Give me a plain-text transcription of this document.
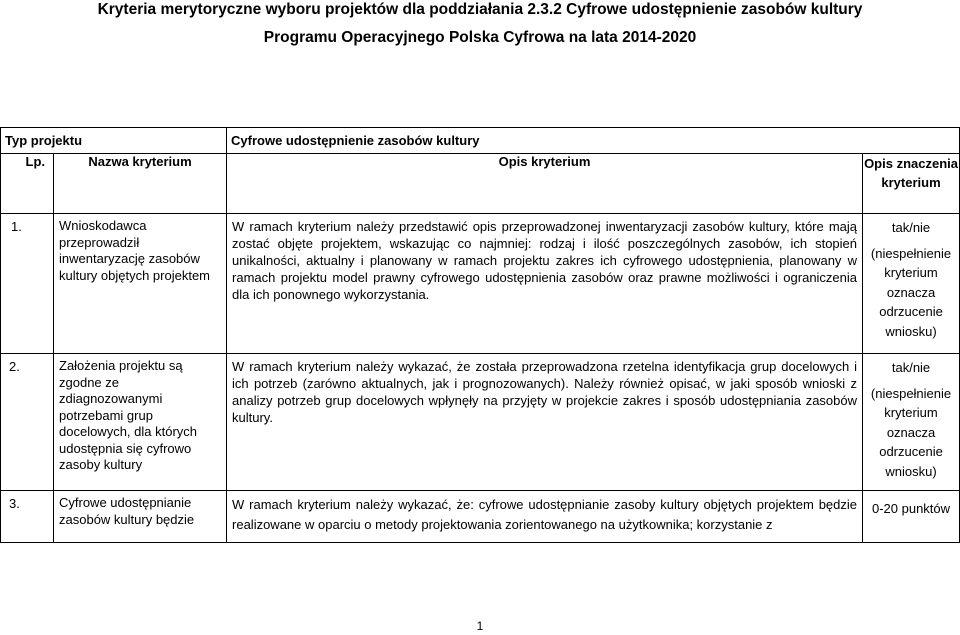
Kryteria merytoryczne wyboru projektów dla poddziałania 2.3.2 Cyfrowe udostępnienie zasobów kultury
Programu Operacyjnego Polska Cyfrowa na lata 2014-2020
Typ projektu		Cyfrowe udostępnienie zasobów kultury	
Lp.	Nazwa kryterium	Opis kryterium	Opis znaczenia kryterium
1.	Wnioskodawca przeprowadził inwentaryzację zasobów kultury objętych projektem	W ramach kryterium należy przedstawić opis przeprowadzonej inwentaryzacji zasobów kultury, które mają zostać objęte projektem, wskazując co najmniej: rodzaj i ilość poszczególnych zasobów, ich stopień unikalności, aktualny i planowany w ramach projektu zakres ich cyfrowego udostępnienia, planowany w ramach projektu model prawny cyfrowego udostępnienia zasobów oraz prawne możliwości i ograniczenia dla ich ponownego wykorzystania.	tak/nie
(niespełnienie kryterium oznacza odrzucenie wniosku)

2.	Założenia projektu są zgodne ze zdiagnozowanymi potrzebami grup docelowych, dla których udostępnia się cyfrowo zasoby kultury	W ramach kryterium należy wykazać, że została przeprowadzona rzetelna identyfikacja grup docelowych i ich potrzeb (zarówno aktualnych, jak i prognozowanych). Należy również opisać, w jaki sposób wnioski z analizy potrzeb grup docelowych wpłynęły na przyjęty w projekcie zakres i sposób udostępniania zasobów kultury.	tak/nie
(niespełnienie kryterium oznacza odrzucenie wniosku)

3.	Cyfrowe udostępnianie zasobów kultury będzie	W ramach kryterium należy wykazać, że: cyfrowe udostępnianie zasoby kultury objętych projektem będzie realizowane w oparciu o metody projektowania zorientowanego na użytkownika; korzystanie z	0-20 punktów
1
